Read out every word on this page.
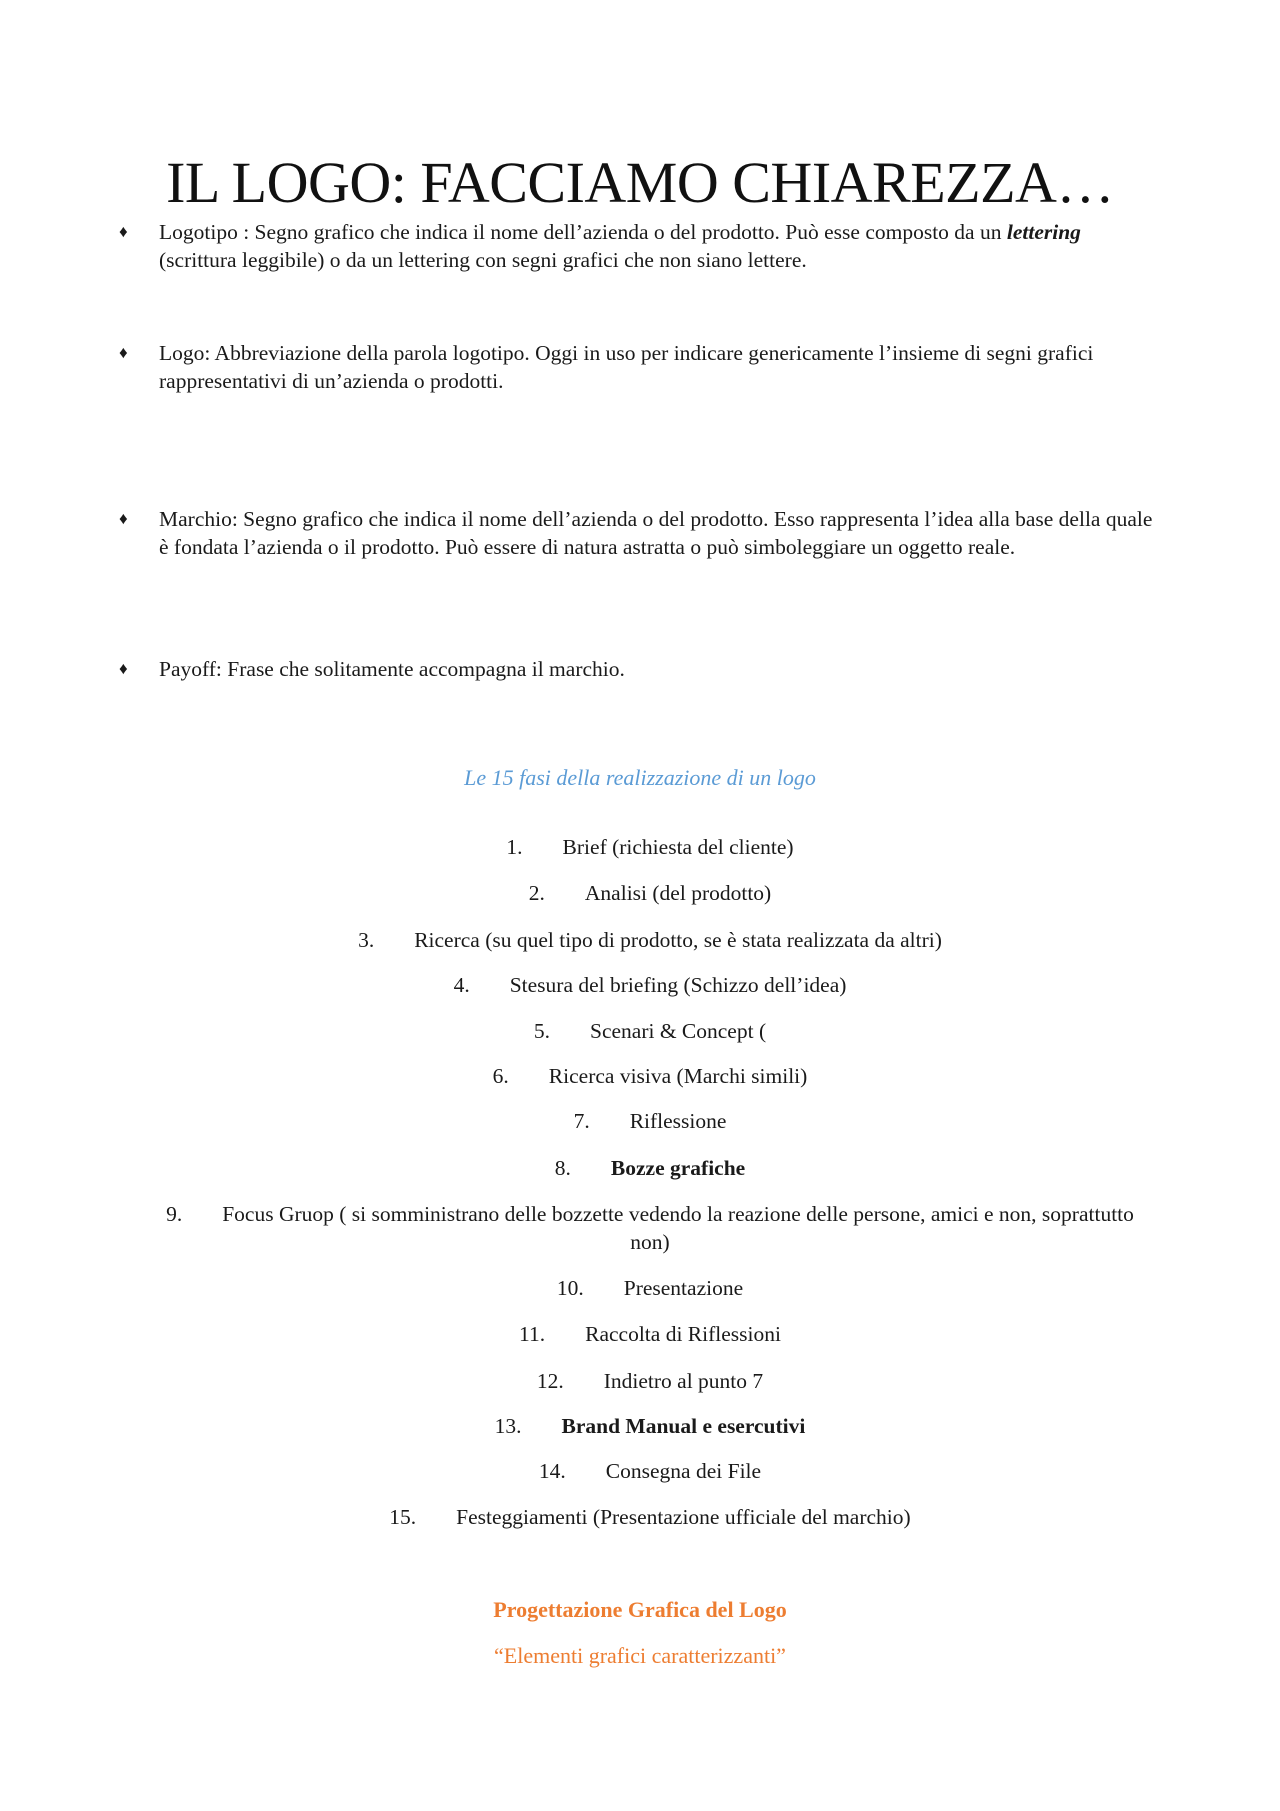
IL LOGO: FACCIAMO CHIAREZZA…
♦ Logotipo : Segno grafico che indica il nome dell’azienda o del prodotto. Può esse composto da un lettering (scrittura leggibile) o da un lettering con segni grafici che non siano lettere.
♦ Logo: Abbreviazione della parola logotipo. Oggi in uso per indicare genericamente l’insieme di segni grafici rappresentativi di un’azienda o prodotti.
♦ Marchio: Segno grafico che indica il nome dell’azienda o del prodotto. Esso rappresenta l’idea alla base della quale è fondata l’azienda o il prodotto. Può essere di natura astratta o può simboleggiare un oggetto reale.
♦ Payoff: Frase che solitamente accompagna il marchio.
Le 15 fasi della realizzazione di un logo
1. Brief (richiesta del cliente)
2. Analisi (del prodotto)
3. Ricerca (su quel tipo di prodotto, se è stata realizzata da altri)
4. Stesura del briefing (Schizzo dell’idea)
5. Scenari & Concept (
6. Ricerca visiva (Marchi simili)
7. Riflessione
8. Bozze grafiche
9. Focus Gruop ( si somministrano delle bozzette vedendo la reazione delle persone, amici e non, soprattutto non)
10. Presentazione
11. Raccolta di Riflessioni
12. Indietro al punto 7
13. Brand Manual e esercutivi
14. Consegna dei File
15. Festeggiamenti (Presentazione ufficiale del marchio)
Progettazione Grafica del Logo
“Elementi grafici caratterizzanti”
